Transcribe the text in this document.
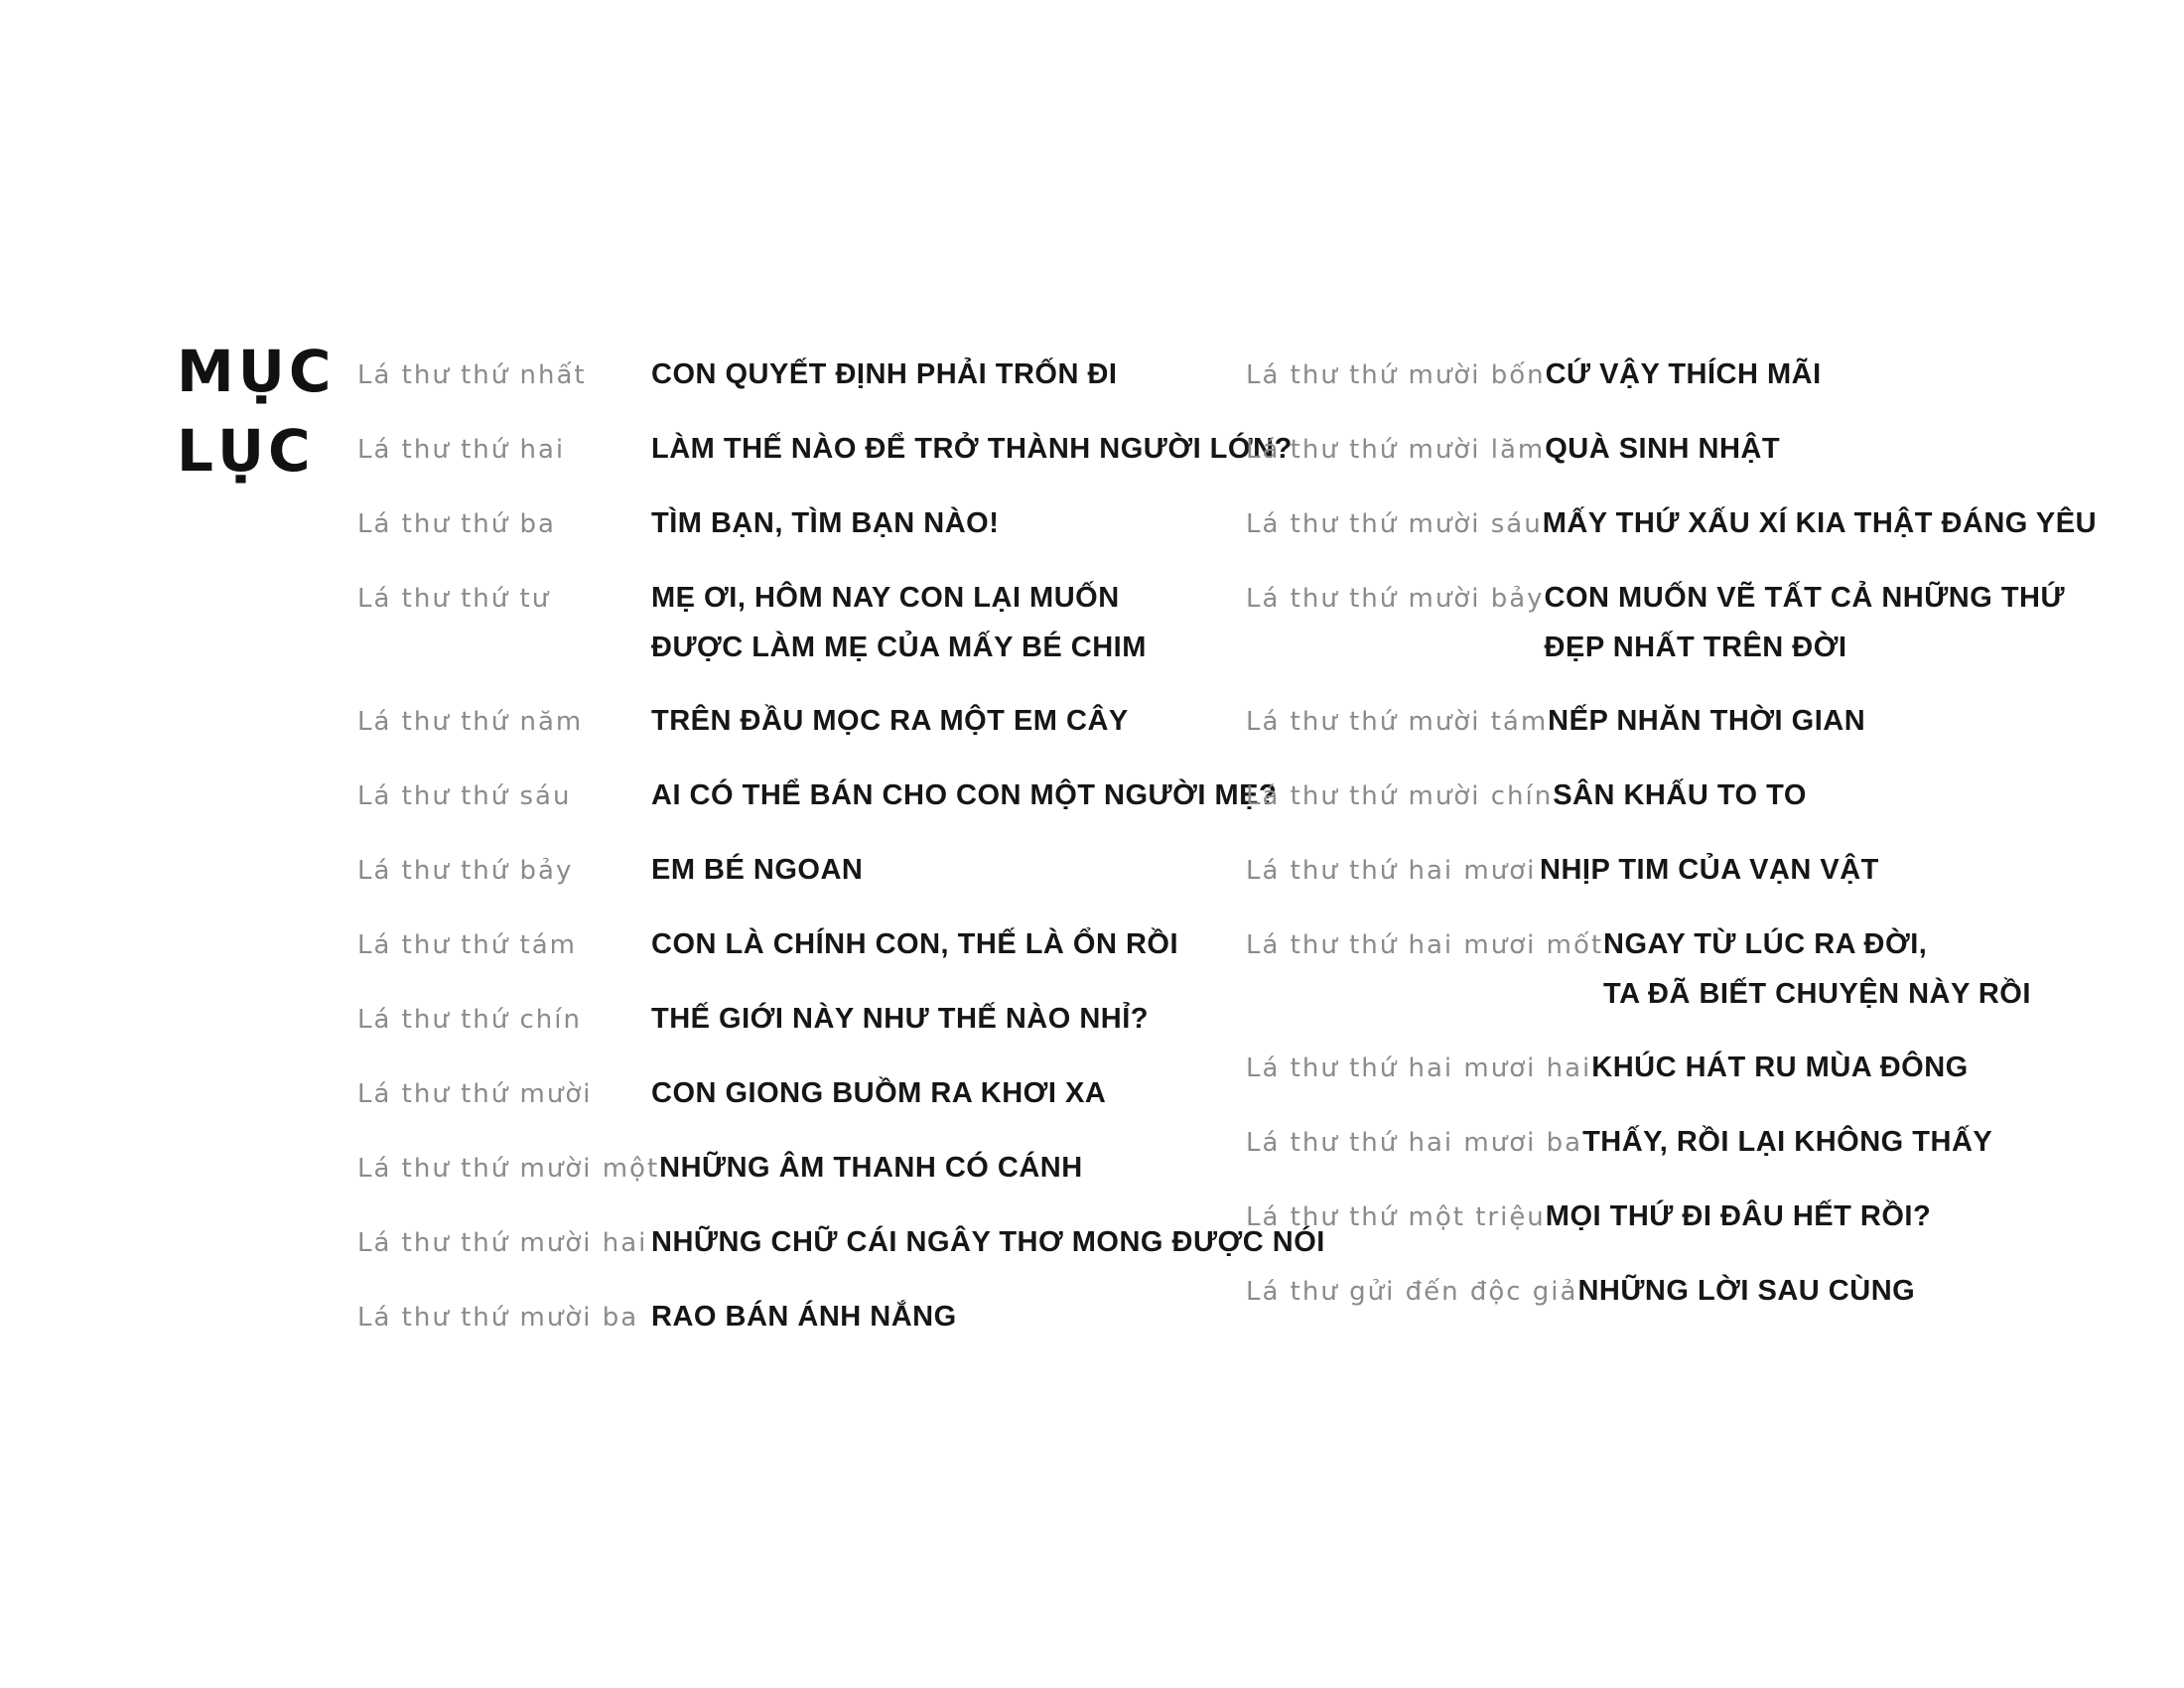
MỤC
LỤC
Lá thư thứ nhất	CON QUYẾT ĐỊNH PHẢI TRỐN ĐI
Lá thư thứ hai	LÀM THẾ NÀO ĐỂ TRỞ THÀNH NGƯỜI LỚN?
Lá thư thứ ba	TÌM BẠN, TÌM BẠN NÀO!
Lá thư thứ tư	MẸ ƠI, HÔM NAY CON LẠI MUỐN
ĐƯỢC LÀM MẸ CỦA MẤY BÉ CHIM
Lá thư thứ năm	TRÊN ĐẦU MỌC RA MỘT EM CÂY
Lá thư thứ sáu	AI CÓ THỂ BÁN CHO CON MỘT NGƯỜI MẸ?
Lá thư thứ bảy	EM BÉ NGOAN
Lá thư thứ tám	CON LÀ CHÍNH CON, THẾ LÀ ỔN RỒI
Lá thư thứ chín	THẾ GIỚI NÀY NHƯ THẾ NÀO NHỈ?
Lá thư thứ mười	CON GIONG BUỒM RA KHƠI XA
Lá thư thứ mười một NHỮNG ÂM THANH CÓ CÁNH
Lá thư thứ mười hai NHỮNG CHỮ CÁI NGÂY THƠ MONG ĐƯỢC NÓI
Lá thư thứ mười ba RAO BÁN ÁNH NẮNG
Lá thư thứ mười bốn CỨ VẬY THÍCH MÃI
Lá thư thứ mười lăm QUÀ SINH NHẬT
Lá thư thứ mười sáu MẤY THỨ XẤU XÍ KIA THẬT ĐÁNG YÊU
Lá thư thứ mười bảy CON MUỐN VẼ TẤT CẢ NHỮNG THỨ
ĐẸP NHẤT TRÊN ĐỜI
Lá thư thứ mười tám NẾP NHĂN THỜI GIAN
Lá thư thứ mười chín SÂN KHẤU TO TO
Lá thư thứ hai mươi NHỊP TIM CỦA VẠN VẬT
Lá thư thứ hai mươi mốt NGAY TỪ LÚC RA ĐỜI,
TA ĐÃ BIẾT CHUYỆN NÀY RỒI
Lá thư thứ hai mươi hai KHÚC HÁT RU MÙA ĐÔNG
Lá thư thứ hai mươi ba THẤY, RỒI LẠI KHÔNG THẤY
Lá thư thứ một triệu MỌI THỨ ĐI ĐÂU HẾT RỒI?
Lá thư gửi đến độc giả NHỮNG LỜI SAU CÙNG
